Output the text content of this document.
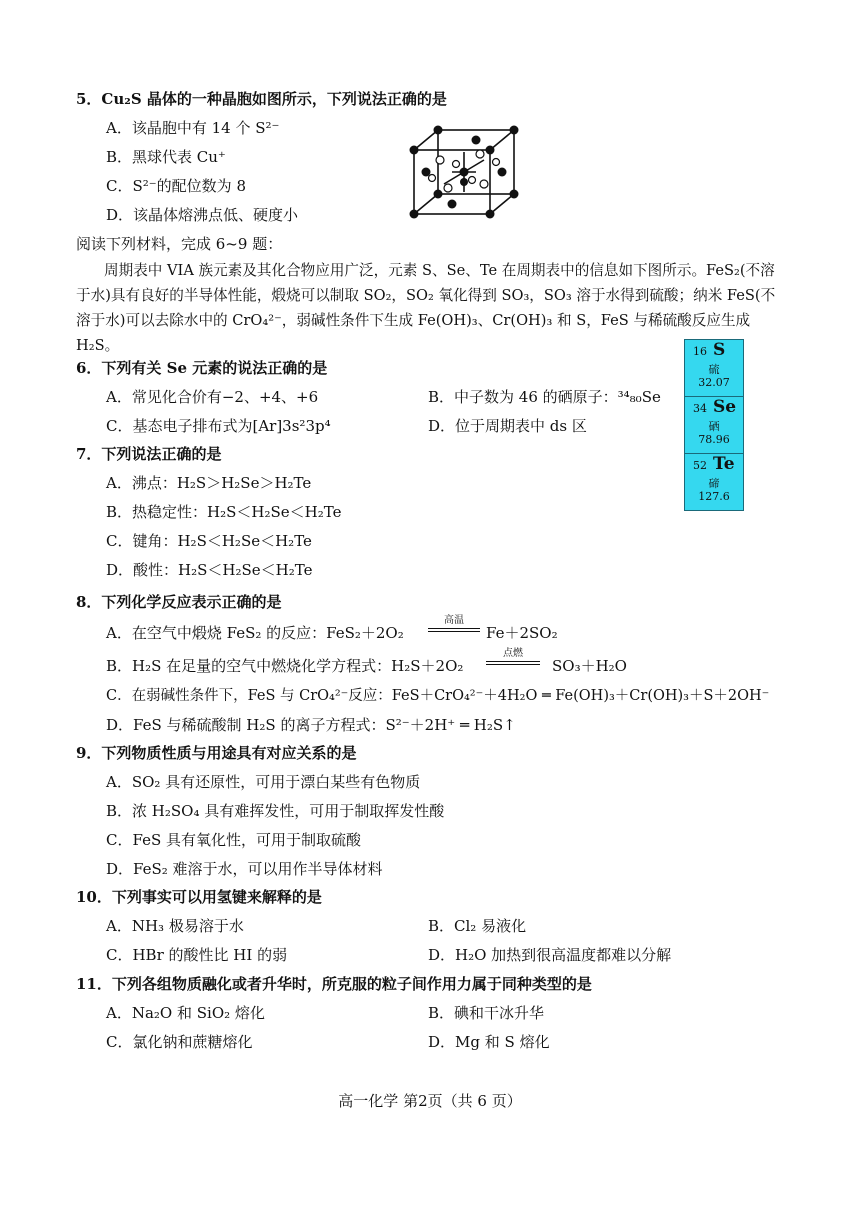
5．Cu₂S 晶体的一种晶胞如图所示，下列说法正确的是
A．该晶胞中有 14 个 S²⁻
B．黑球代表 Cu⁺
C．S²⁻的配位数为 8
D．该晶体熔沸点低、硬度小
阅读下列材料，完成 6~9 题：
周期表中 VIA 族元素及其化合物应用广泛，元素 S、Se、Te 在周期表中的信息如下图所示。FeS₂(不溶于水)具有良好的半导体性能，煅烧可以制取 SO₂，SO₂ 氧化得到 SO₃，SO₃ 溶于水得到硫酸；纳米 FeS(不溶于水)可以去除水中的 CrO₄²⁻，弱碱性条件下生成 Fe(OH)₃、Cr(OH)₃ 和 S，FeS 与稀硫酸反应生成 H₂S。	16 S
硫
32.07
34 Se
硒
78.96
52 Te
碲
127.6
6．下列有关 Se 元素的说法正确的是
A．常见化合价有−2、+4、+6	B．中子数为 46 的硒原子：³⁴₈₀Se
C．基态电子排布式为[Ar]3s²3p⁴	D．位于周期表中 ds 区
7．下列说法正确的是
A．沸点：H₂S＞H₂Se＞H₂Te
B．热稳定性：H₂S＜H₂Se＜H₂Te
C．键角：H₂S＜H₂Se＜H₂Te
D．酸性：H₂S＜H₂Se＜H₂Te
8．下列化学反应表示正确的是
A．在空气中煅烧 FeS₂ 的反应：FeS₂＋2O₂
高温
Fe＋2SO₂
B．H₂S 在足量的空气中燃烧化学方程式：H₂S＋2O₂
点燃
SO₃＋H₂O
C．在弱碱性条件下，FeS 与 CrO₄²⁻反应：FeS＋CrO₄²⁻＋4H₂O ═ Fe(OH)₃＋Cr(OH)₃＋S＋2OH⁻
D．FeS 与稀硫酸制 H₂S 的离子方程式：S²⁻＋2H⁺ ═ H₂S↑
9．下列物质性质与用途具有对应关系的是
A．SO₂ 具有还原性，可用于漂白某些有色物质
B．浓 H₂SO₄ 具有难挥发性，可用于制取挥发性酸
C．FeS 具有氧化性，可用于制取硫酸
D．FeS₂ 难溶于水，可以用作半导体材料
10．下列事实可以用氢键来解释的是
A．NH₃ 极易溶于水	B．Cl₂ 易液化
C．HBr 的酸性比 HI 的弱	D．H₂O 加热到很高温度都难以分解
11．下列各组物质融化或者升华时，所克服的粒子间作用力属于同种类型的是
A．Na₂O 和 SiO₂ 熔化	B．碘和干冰升华
C．氯化钠和蔗糖熔化	D．Mg 和 S 熔化
高一化学 第2页（共 6 页）
